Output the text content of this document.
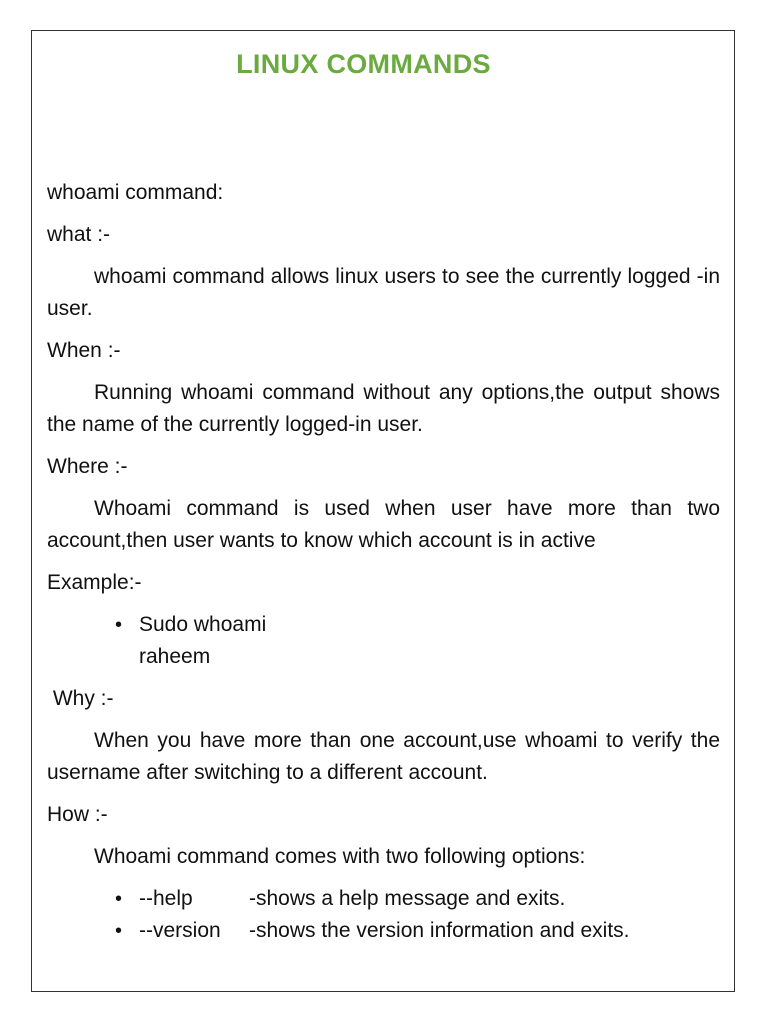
LINUX COMMANDS

whoami command:

what :-

whoami command allows linux users to see the currently logged -in user.

When :-

Running whoami command without any options,the output shows the name of the currently logged-in user.

Where :-

Whoami command is used when user have more than two account,then user wants to know which account is in active

Example:-

• Sudo whoami
raheem

Why :-

When you have more than one account,use whoami to verify the username after switching to a different account.

How :-

Whoami command comes with two following options:

• --help	-shows a help message and exits.
• --version -shows the version information and exits.
